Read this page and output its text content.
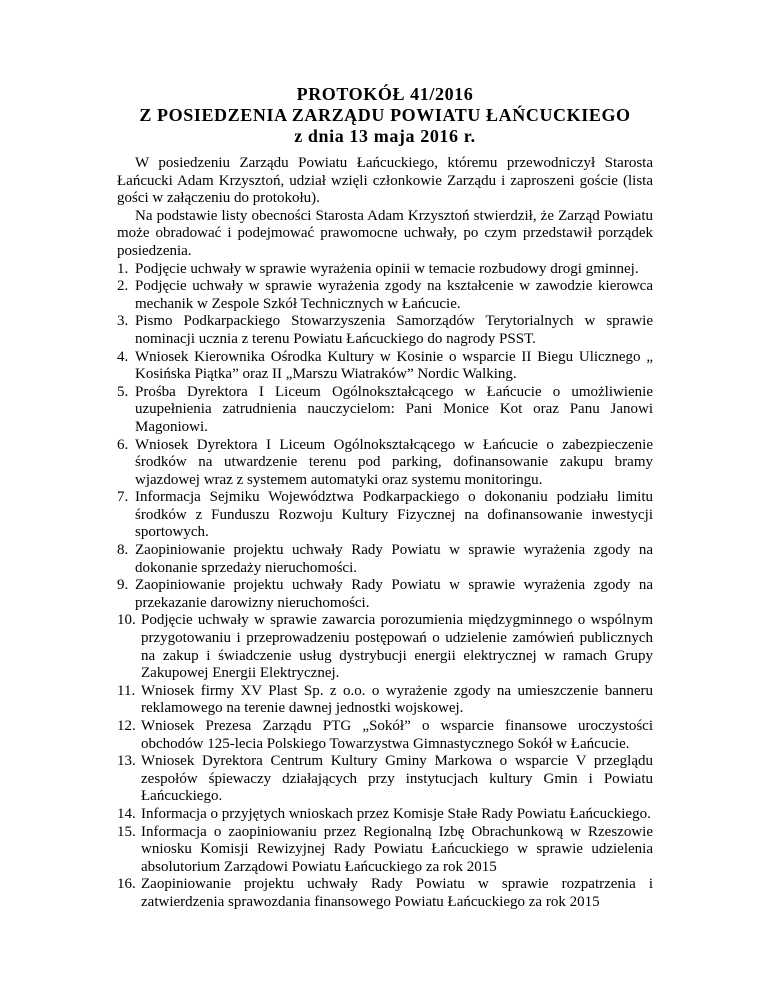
PROTOKÓŁ 41/2016
Z POSIEDZENIA ZARZĄDU POWIATU ŁAŃCUCKIEGO
z dnia 13 maja 2016 r.

W posiedzeniu Zarządu Powiatu Łańcuckiego, któremu przewodniczył Starosta Łańcucki Adam Krzysztoń, udział wzięli członkowie Zarządu i zaproszeni goście (lista gości w załączeniu do protokołu).

Na podstawie listy obecności Starosta Adam Krzysztoń stwierdził, że Zarząd Powiatu może obradować i podejmować prawomocne uchwały, po czym przedstawił porządek posiedzenia.

1. Podjęcie uchwały w sprawie wyrażenia opinii w temacie rozbudowy drogi gminnej.
2. Podjęcie uchwały w sprawie wyrażenia zgody na kształcenie w zawodzie kierowca mechanik w Zespole Szkół Technicznych w Łańcucie.
3. Pismo Podkarpackiego Stowarzyszenia Samorządów Terytorialnych w sprawie nominacji ucznia z terenu Powiatu Łańcuckiego do nagrody PSST.
4. Wniosek Kierownika Ośrodka Kultury w Kosinie o wsparcie II Biegu Ulicznego „ Kosińska Piątka” oraz II „Marszu Wiatraków” Nordic Walking.
5. Prośba Dyrektora I Liceum Ogólnokształcącego w Łańcucie o umożliwienie uzupełnienia zatrudnienia nauczycielom: Pani Monice Kot oraz Panu Janowi Magoniowi.
6. Wniosek Dyrektora I Liceum Ogólnokształcącego w Łańcucie o zabezpieczenie środków na utwardzenie terenu pod parking, dofinansowanie zakupu bramy wjazdowej wraz z systemem automatyki oraz systemu monitoringu.
7. Informacja Sejmiku Województwa Podkarpackiego o dokonaniu podziału limitu środków z Funduszu Rozwoju Kultury Fizycznej na dofinansowanie inwestycji sportowych.
8. Zaopiniowanie projektu uchwały Rady Powiatu w sprawie wyrażenia zgody na dokonanie sprzedaży nieruchomości.
9. Zaopiniowanie projektu uchwały Rady Powiatu w sprawie wyrażenia zgody na przekazanie darowizny nieruchomości.
10. Podjęcie uchwały w sprawie zawarcia porozumienia międzygminnego o wspólnym przygotowaniu i przeprowadzeniu postępowań o udzielenie zamówień publicznych na zakup i świadczenie usług dystrybucji energii elektrycznej w ramach Grupy Zakupowej Energii Elektrycznej.
11. Wniosek firmy XV Plast Sp. z o.o. o wyrażenie zgody na umieszczenie banneru reklamowego na terenie dawnej jednostki wojskowej.
12. Wniosek Prezesa Zarządu PTG „Sokół” o wsparcie finansowe uroczystości obchodów 125-lecia Polskiego Towarzystwa Gimnastycznego Sokół w Łańcucie.
13. Wniosek Dyrektora Centrum Kultury Gminy Markowa o wsparcie V przeglądu zespołów śpiewaczy działających przy instytucjach kultury Gmin i Powiatu Łańcuckiego.
14. Informacja o przyjętych wnioskach przez Komisje Stałe Rady Powiatu Łańcuckiego.
15. Informacja o zaopiniowaniu przez Regionalną Izbę Obrachunkową w Rzeszowie wniosku Komisji Rewizyjnej Rady Powiatu Łańcuckiego w sprawie udzielenia absolutorium Zarządowi Powiatu Łańcuckiego za rok 2015
16. Zaopiniowanie projektu uchwały Rady Powiatu w sprawie rozpatrzenia i zatwierdzenia sprawozdania finansowego Powiatu Łańcuckiego za rok 2015
